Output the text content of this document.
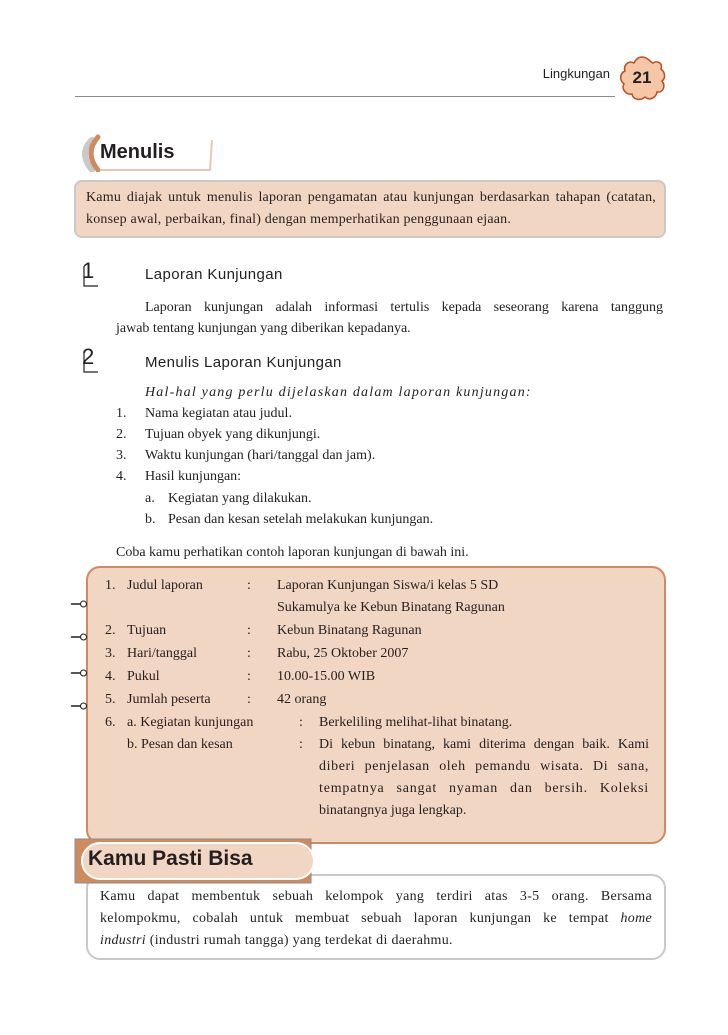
Lingkungan	21
Menulis
Kamu diajak untuk menulis laporan pengamatan atau kunjungan berdasarkan tahapan (catatan, konsep awal, perbaikan, final) dengan memperhatikan penggunaan ejaan.
1	Laporan Kunjungan
Laporan kunjungan adalah informasi tertulis kepada seseorang karena tanggung
jawab tentang kunjungan yang diberikan kepadanya.
2	Menulis Laporan Kunjungan
Hal-hal yang perlu dijelaskan dalam laporan kunjungan:
1. Nama kegiatan atau judul.
2. Tujuan obyek yang dikunjungi.
3. Waktu kunjungan (hari/tanggal dan jam).
4. Hasil kunjungan:
a. Kegiatan yang dilakukan.
b. Pesan dan kesan setelah melakukan kunjungan.
Coba kamu perhatikan contoh laporan kunjungan di bawah ini.
1. Judul laporan	: Laporan Kunjungan Siswa/i kelas 5 SD
Sukamulya ke Kebun Binatang Ragunan
2. Tujuan	: Kebun Binatang Ragunan
3. Hari/tanggal	: Rabu, 25 Oktober 2007
4. Pukul	: 10.00-15.00 WIB
5. Jumlah peserta	: 42 orang
6. a. Kegiatan kunjungan	: Berkeliling melihat-lihat binatang.
b. Pesan dan kesan	: Di kebun binatang, kami diterima dengan baik. Kami
diberi penjelasan oleh pemandu wisata. Di sana,
tempatnya sangat nyaman dan bersih. Koleksi
binatangnya juga lengkap.
Kamu dapat membentuk sebuah kelompok yang terdiri atas 3-5 orang. Bersama
kelompokmu, cobalah untuk membuat sebuah laporan kunjungan ke tempat home
industri (industri rumah tangga) yang terdekat di daerahmu.
Kamu Pasti Bisa
